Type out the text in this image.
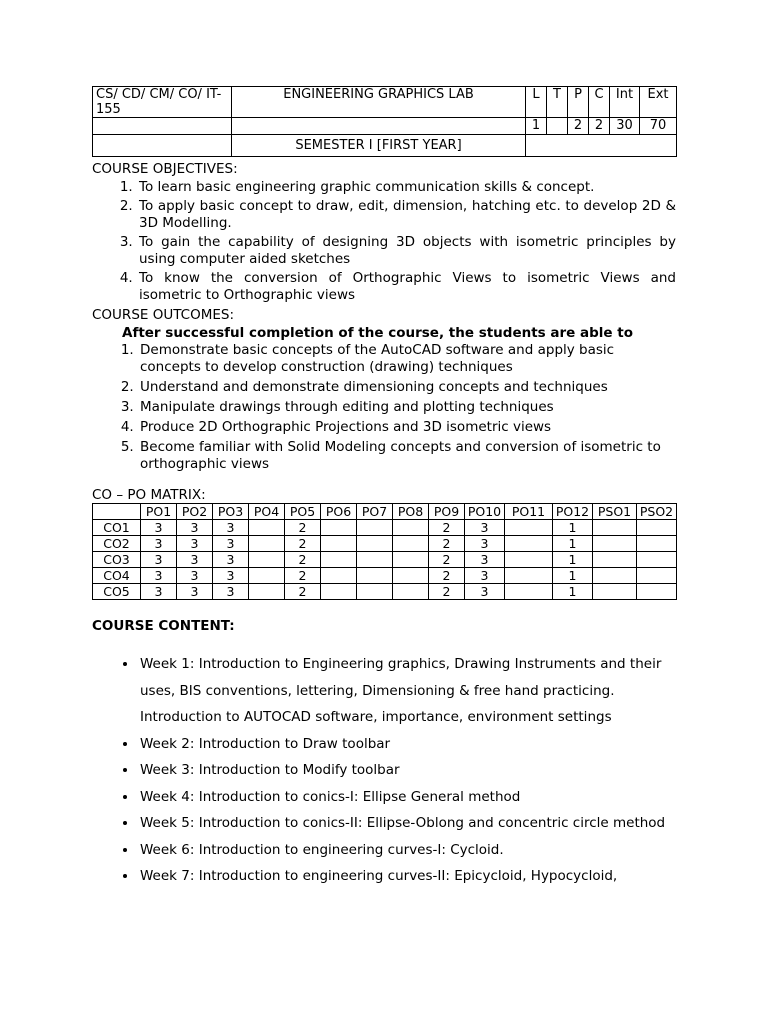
CS/ CD/ CM/ CO/ IT-155	ENGINEERING GRAPHICS LAB	L	T	P	C	Int	Ext
		1		2	2	30	70
	SEMESTER I [FIRST YEAR]						

COURSE OBJECTIVES:

1. To learn basic engineering graphic communication skills & concept.
2. To apply basic concept to draw, edit, dimension, hatching etc. to develop 2D & 3D Modelling.
3. To gain the capability of designing 3D objects with isometric principles by using computer aided sketches
4. To know the conversion of Orthographic Views to isometric Views and isometric to Orthographic views

COURSE OUTCOMES:

After successful completion of the course, the students are able to

1. Demonstrate basic concepts of the AutoCAD software and apply basic concepts to develop construction (drawing) techniques
2. Understand and demonstrate dimensioning concepts and techniques
3. Manipulate drawings through editing and plotting techniques
4. Produce 2D Orthographic Projections and 3D isometric views
5. Become familiar with Solid Modeling concepts and conversion of isometric to orthographic views

CO – PO MATRIX:

	PO1	PO2	PO3	PO4	PO5	PO6	PO7	PO8	PO9	PO10	PO11	PO12	PSO1	PSO2
CO1	3	3	3		2				2	3		1		
CO2	3	3	3		2				2	3		1		
CO3	3	3	3		2				2	3		1		
CO4	3	3	3		2				2	3		1		
CO5	3	3	3		2				2	3		1		

COURSE CONTENT:

• Week 1: Introduction to Engineering graphics, Drawing Instruments and their uses, BIS conventions, lettering, Dimensioning & free hand practicing.
Introduction to AUTOCAD software, importance, environment settings
• Week 2: Introduction to Draw toolbar
• Week 3: Introduction to Modify toolbar
• Week 4: Introduction to conics-I: Ellipse General method
• Week 5: Introduction to conics-II: Ellipse-Oblong and concentric circle method
• Week 6: Introduction to engineering curves-I: Cycloid.
• Week 7: Introduction to engineering curves-II: Epicycloid, Hypocycloid,
